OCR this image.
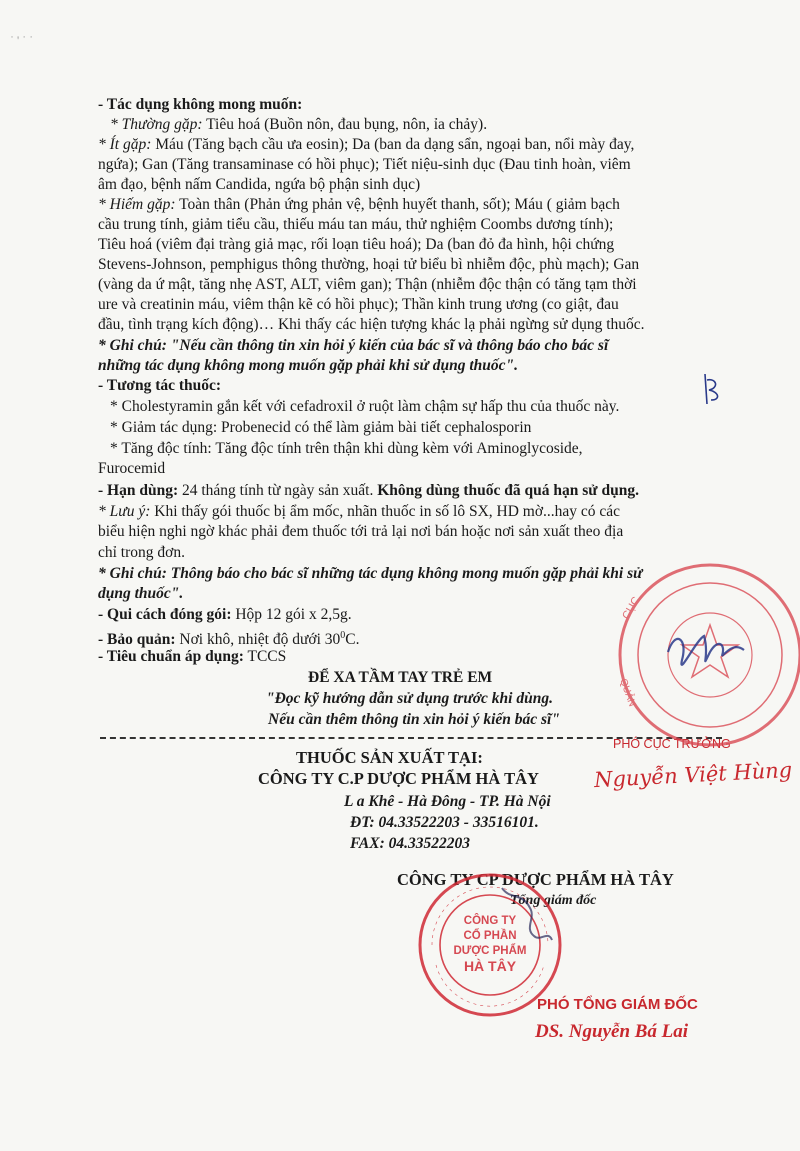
- Tác dụng không mong muốn:
* Thường gặp: Tiêu hoá (Buồn nôn, đau bụng, nôn, ỉa chảy).
* Ít gặp: Máu (Tăng bạch cầu ưa eosin); Da (ban da dạng sẩn, ngoại ban, nổi mày đay,
ngứa); Gan (Tăng transaminase có hồi phục); Tiết niệu-sinh dục (Đau tinh hoàn, viêm
âm đạo, bệnh nấm Candida, ngứa bộ phận sinh dục)
* Hiếm gặp: Toàn thân (Phản ứng phản vệ, bệnh huyết thanh, sốt); Máu ( giảm bạch
cầu trung tính, giảm tiểu cầu, thiếu máu tan máu, thử nghiệm Coombs dương tính);
Tiêu hoá (viêm đại tràng giả mạc, rối loạn tiêu hoá); Da (ban đỏ đa hình, hội chứng
Stevens-Johnson, pemphigus thông thường, hoại tử biểu bì nhiễm độc, phù mạch); Gan
(vàng da ứ mật, tăng nhẹ AST, ALT, viêm gan); Thận (nhiễm độc thận có tăng tạm thời
ure và creatinin máu, viêm thận kẽ có hồi phục); Thần kinh trung ương (co giật, đau
đầu, tình trạng kích động)… Khi thấy các hiện tượng khác lạ phải ngừng sử dụng thuốc.
* Ghi chú: "Nếu cần thông tin xin hỏi ý kiến của bác sĩ và thông báo cho bác sĩ
những tác dụng không mong muốn gặp phải khi sử dụng thuốc".
- Tương tác thuốc:
* Cholestyramin gắn kết với cefadroxil ở ruột làm chậm sự hấp thu của thuốc này.
* Giảm tác dụng: Probenecid có thể làm giảm bài tiết cephalosporin
* Tăng độc tính: Tăng độc tính trên thận khi dùng kèm với Aminoglycoside,
Furocemid
- Hạn dùng: 24 tháng tính từ ngày sản xuất. Không dùng thuốc đã quá hạn sử dụng.
* Lưu ý: Khi thấy gói thuốc bị ẩm mốc, nhãn thuốc in số lô SX, HD mờ...hay có các
biểu hiện nghi ngờ khác phải đem thuốc tới trả lại nơi bán hoặc nơi sản xuất theo địa
chỉ trong đơn.
* Ghi chú: Thông báo cho bác sĩ những tác dụng không mong muốn gặp phải khi sử
dụng thuốc".
- Qui cách đóng gói: Hộp 12 gói x 2,5g.
- Bảo quản: Nơi khô, nhiệt độ dưới $30^0C$.
- Tiêu chuẩn áp dụng: TCCS
ĐỂ XA TẦM TAY TRẺ EM
"Đọc kỹ hướng dẫn sử dụng trước khi dùng.
Nếu cần thêm thông tin xin hỏi ý kiến bác sĩ"
THUỐC SẢN XUẤT TẠI:
CÔNG TY C.P DƯỢC PHẨM HÀ TÂY
L a Khê - Hà Đông - TP. Hà Nội
ĐT: 04.33522203 - 33516101.
FAX: 04.33522203
PHÓ CỤC TRƯỞNG
Nguyễn Việt Hùng
CỤC
QUẢN
CÔNG TY CP DƯỢC PHẨM HÀ TÂY
Tổng giám đốc
CÔNG TY
CỔ PHẦN
DƯỢC PHẨM
HÀ TÂY
PHÓ TỔNG GIÁM ĐỐC
DS. Nguyễn Bá Lai
˙ ' ˙ ˙
